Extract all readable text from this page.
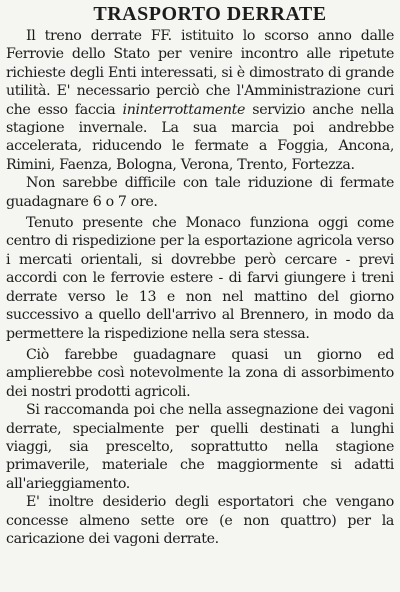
TRASPORTO DERRATE

Il treno derrate FF. istituito lo scorso anno dalle Ferrovie dello Stato per venire incontro alle ripetute richieste degli Enti interessati, si è dimostrato di grande utilità. E' necessario perciò che l'Amministrazione curi che esso faccia ininterrottamente servizio anche nella stagione invernale. La sua marcia poi andrebbe accelerata, riducendo le fermate a Foggia, Ancona, Rimini, Faenza, Bologna, Verona, Trento, Fortezza.

Non sarebbe difficile con tale riduzione di fermate guadagnare 6 o 7 ore.

Tenuto presente che Monaco funziona oggi come centro di rispedizione per la esportazione agricola verso i mercati orientali, si dovrebbe però cercare - previ accordi con le ferrovie estere - di farvi giungere i treni derrate verso le 13 e non nel mattino del giorno successivo a quello dell'arrivo al Brennero, in modo da permettere la rispedizione nella sera stessa.

Ciò farebbe guadagnare quasi un giorno ed amplierebbe così notevolmente la zona di assorbimento dei nostri prodotti agricoli.

Si raccomanda poi che nella assegnazione dei vagoni derrate, specialmente per quelli destinati a lunghi viaggi, sia prescelto, soprattutto nella stagione primaverile, materiale che maggiormente si adatti all'arieggiamento.

E' inoltre desiderio degli esportatori che vengano concesse almeno sette ore (e non quattro) per la caricazione dei vagoni derrate.
